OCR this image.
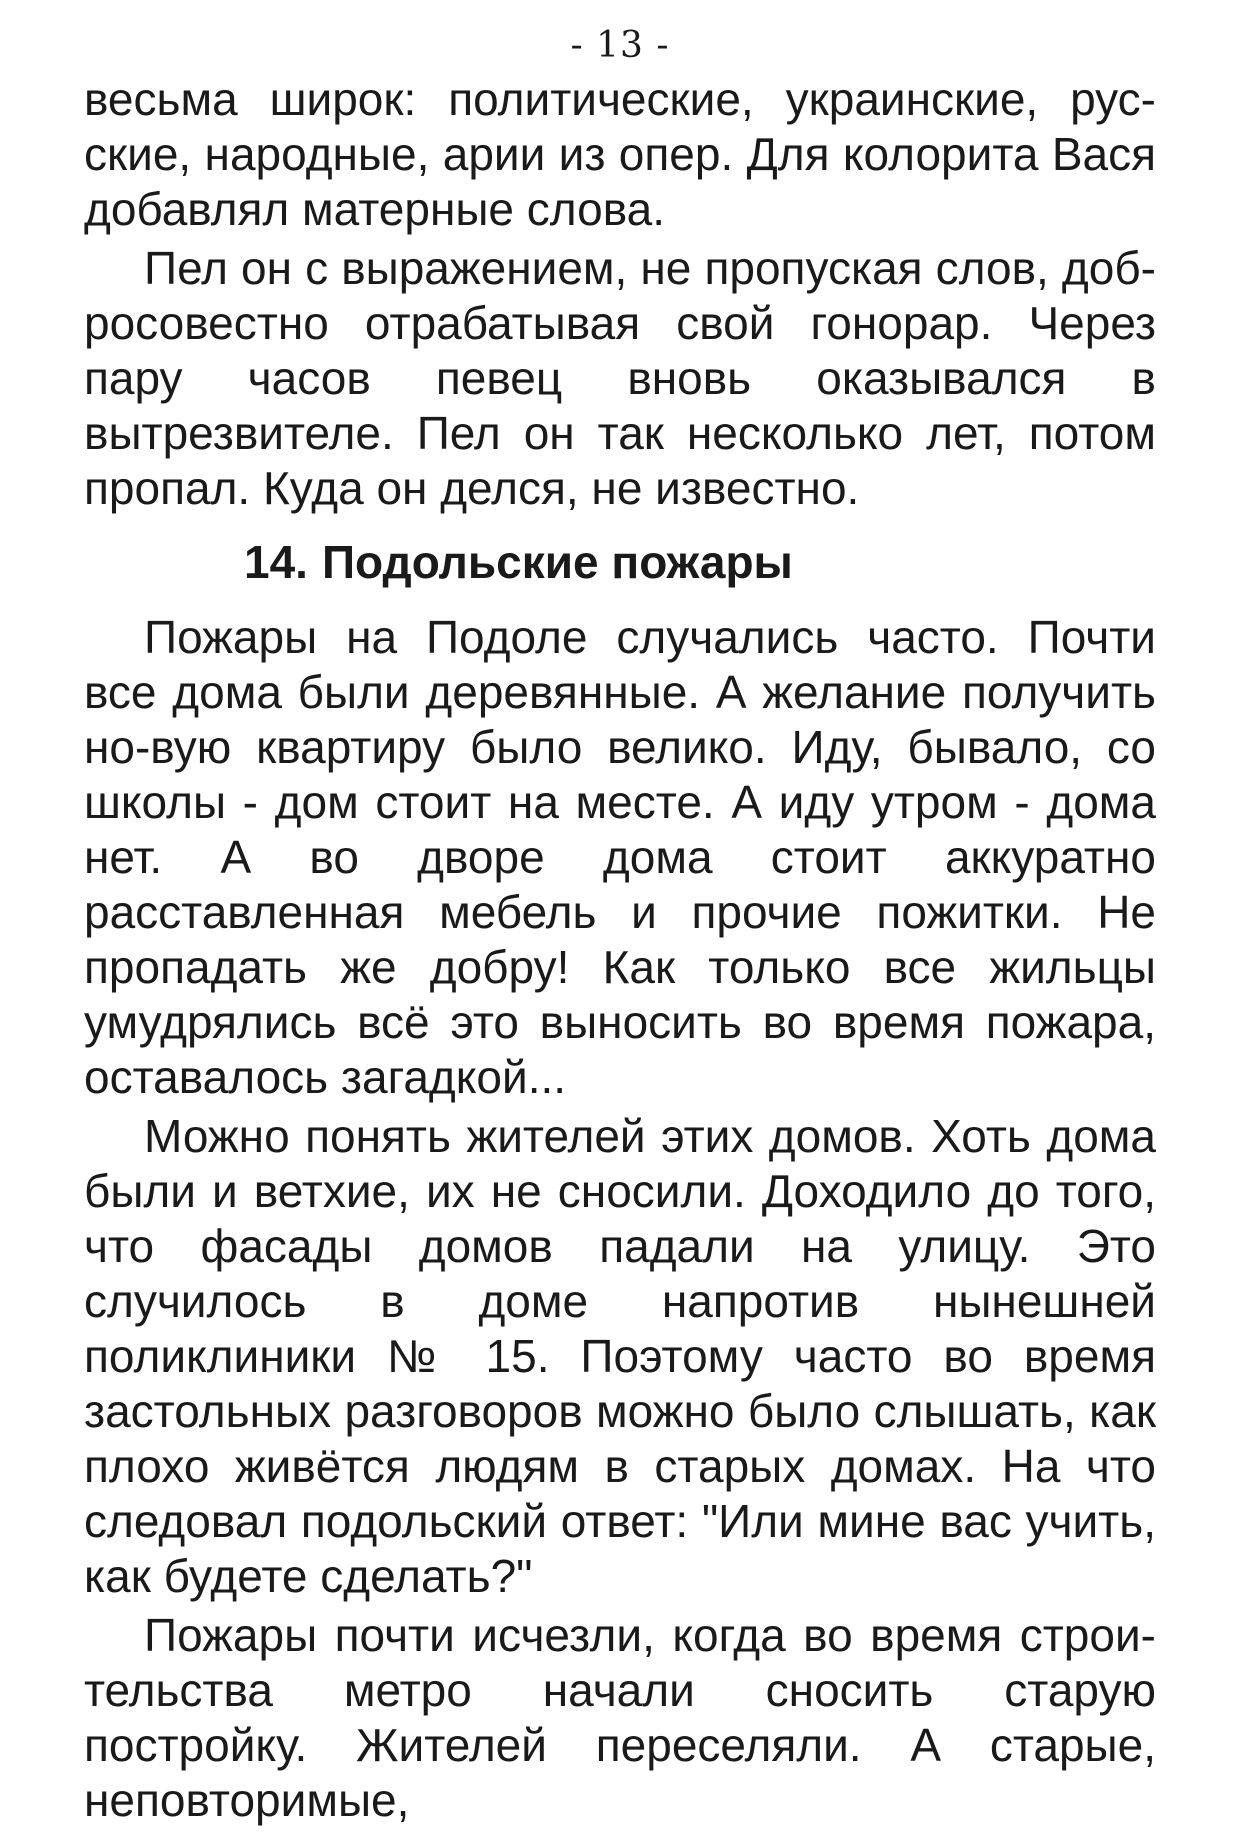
- 13 -

весьма широк: политические, украинские, рус-ские, народные, арии из опер. Для колорита Вася добавлял матерные слова.

Пел он с выражением, не пропуская слов, доб-росовестно отрабатывая свой гонорар. Через пару часов певец вновь оказывался в вытрезвителе. Пел он так несколько лет, потом пропал. Куда он делся, не известно.

14. Подольские пожары

Пожары на Подоле случались часто. Почти все дома были деревянные. А желание получить но-вую квартиру было велико. Иду, бывало, со школы - дом стоит на месте. А иду утром - дома нет. А во дворе дома стоит аккуратно расставленная мебель и прочие пожитки. Не пропадать же добру! Как только все жильцы умудрялись всё это выносить во время пожара, оставалось загадкой...

Можно понять жителей этих домов. Хоть дома были и ветхие, их не сносили. Доходило до того, что фасады домов падали на улицу. Это случилось в доме напротив нынешней поликлиники № 15. Поэтому часто во время застольных разговоров можно было слышать, как плохо живётся людям в старых домах. На что следовал подольский ответ: "Или мине вас учить, как будете сделать?"

Пожары почти исчезли, когда во время строи-тельства метро начали сносить старую постройку. Жителей переселяли. А старые, неповторимые,
